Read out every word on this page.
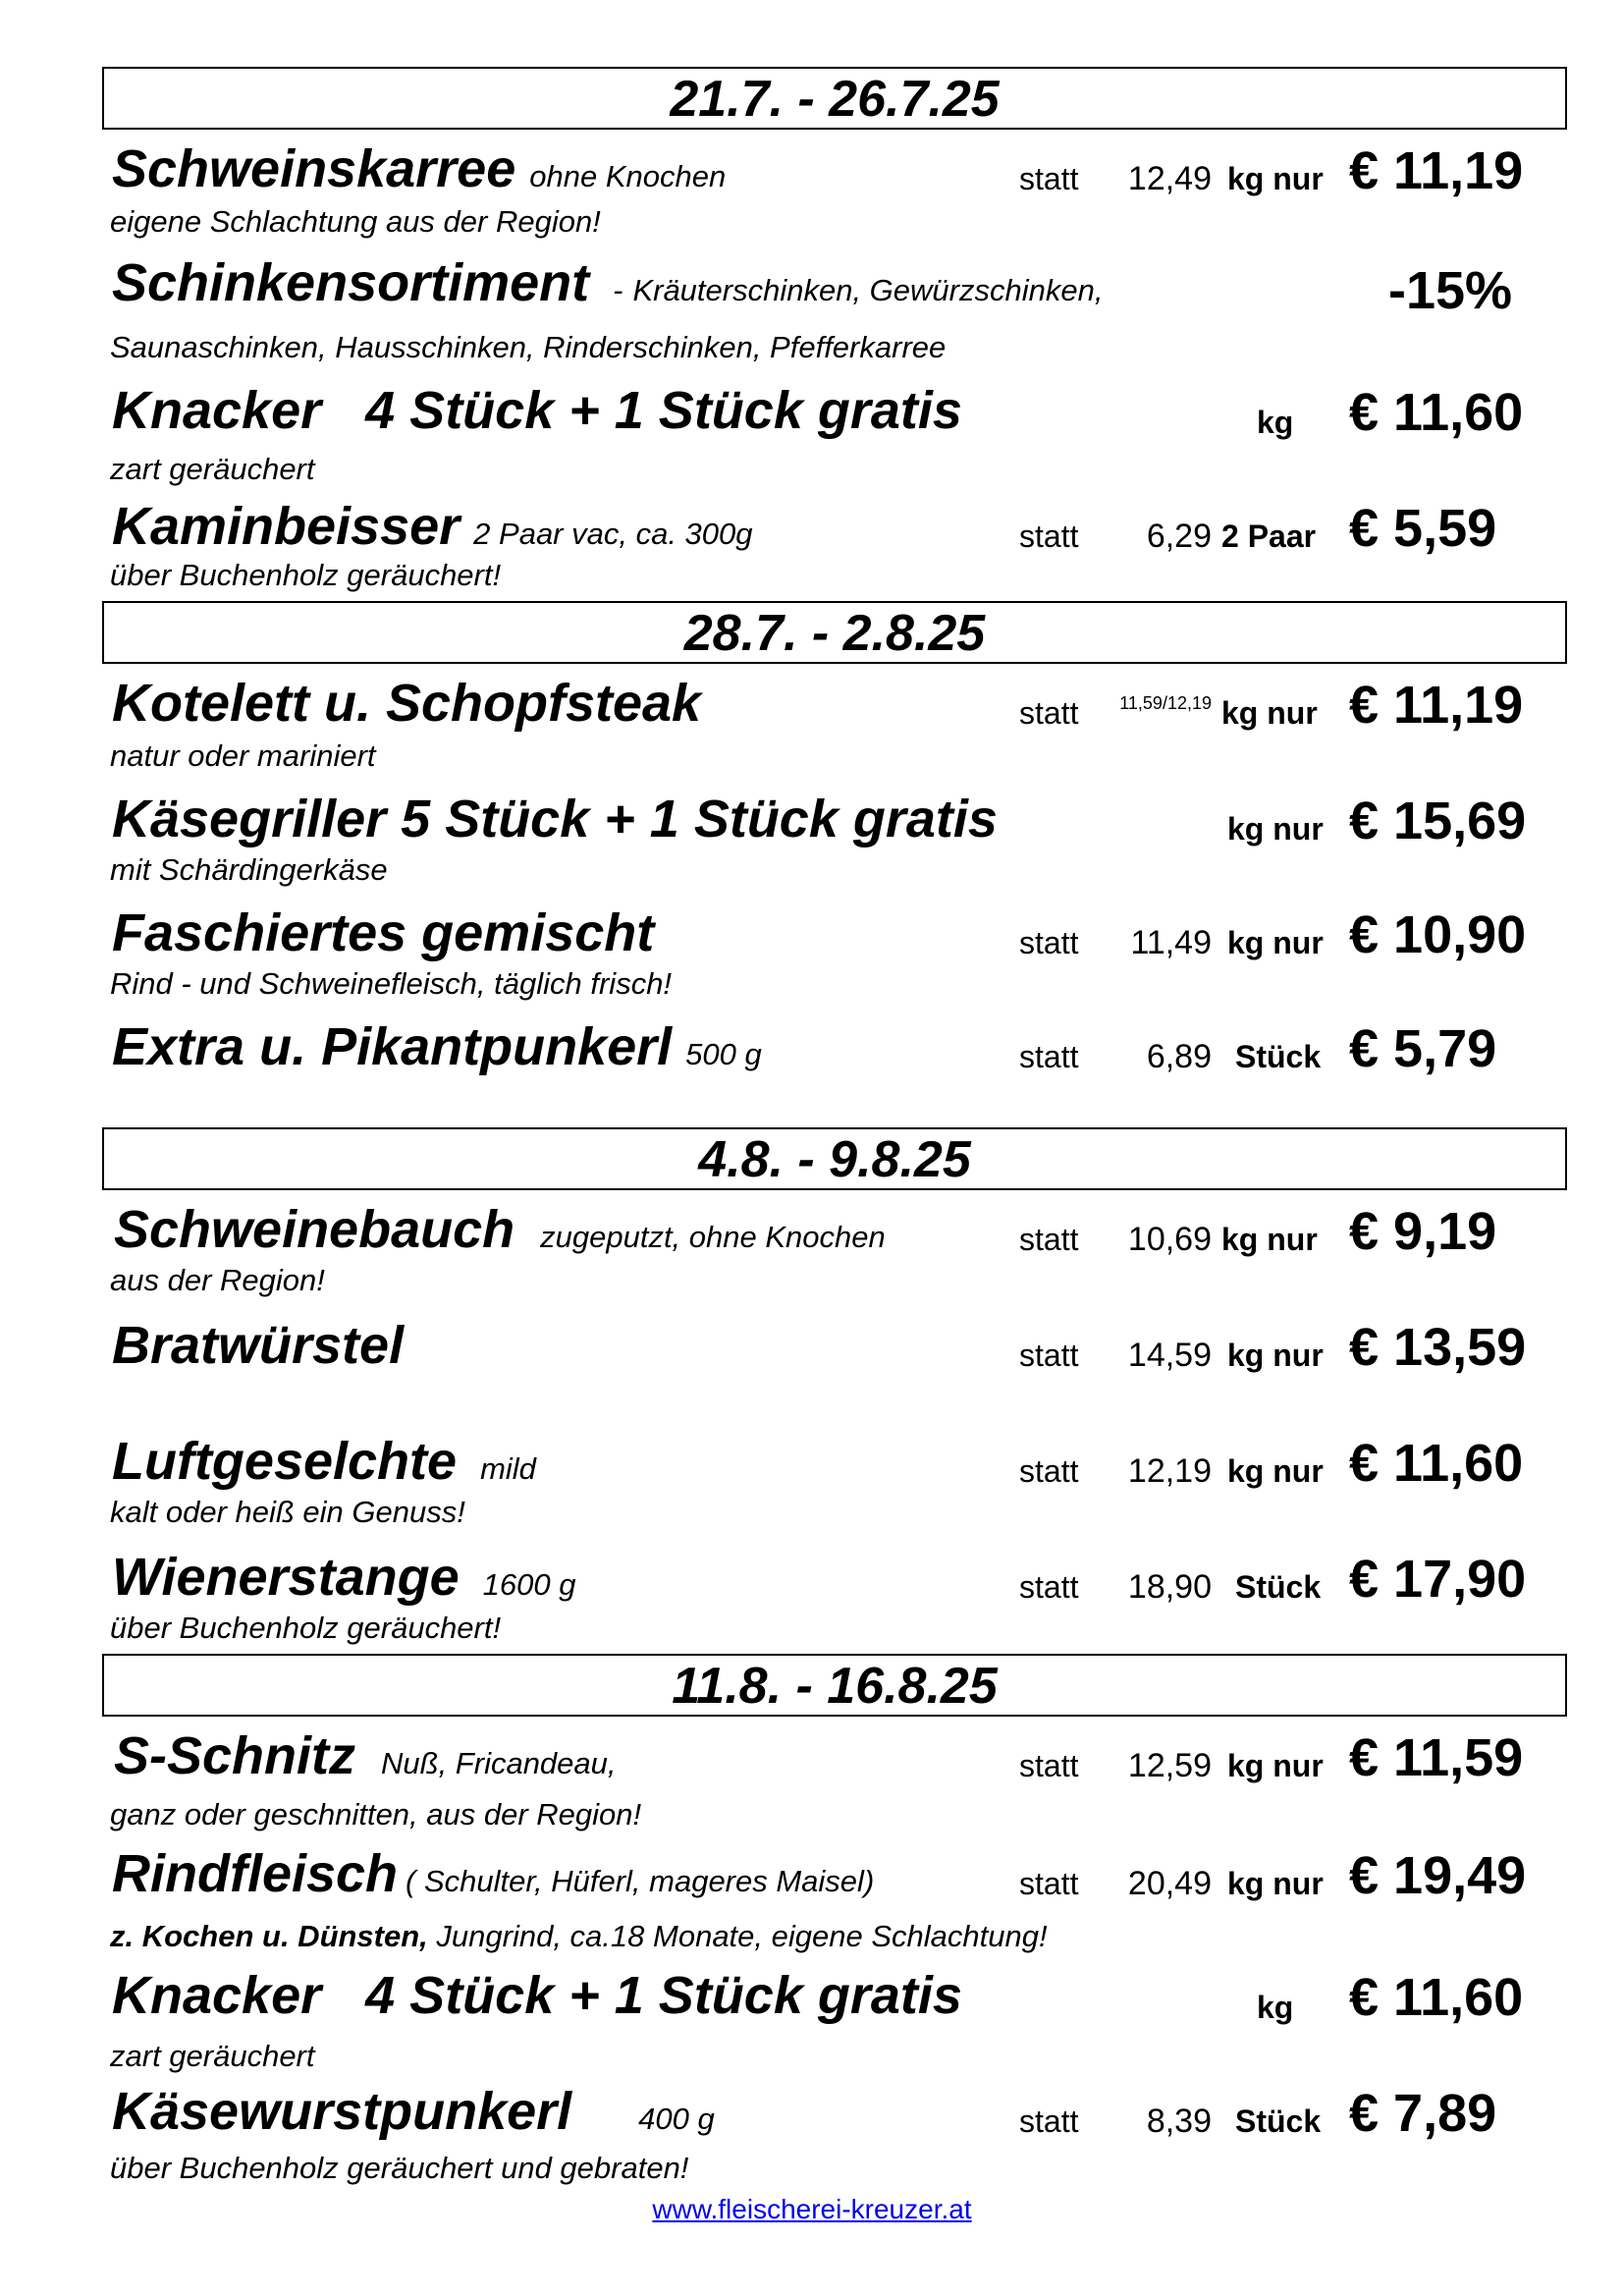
21.7. - 26.7.25
Schweinskarree ohne Knochen	statt 12,49 kg nur € 11,19
eigene Schlachtung aus der Region!
Schinkensortiment - Kräuterschinken, Gewürzschinken,	-15%
Saunaschinken, Hausschinken, Rinderschinken, Pfefferkarree
Knacker   4 Stück + 1 Stück gratis	kg € 11,60
zart geräuchert
Kaminbeisser 2 Paar vac, ca. 300g	statt 6,29 2 Paar € 5,59
über Buchenholz geräuchert!
28.7. - 2.8.25
Kotelett u. Schopfsteak	statt 11,59/12,19 kg nur € 11,19
natur oder mariniert
Käsegriller 5 Stück + 1 Stück gratis	kg nur € 15,69
mit Schärdingerkäse
Faschiertes gemischt	statt 11,49 kg nur € 10,90
Rind - und Schweinefleisch, täglich frisch!
Extra u. Pikantpunkerl 500 g	statt 6,89 Stück € 5,79
4.8. - 9.8.25
Schweinebauch zugeputzt, ohne Knochen	statt 10,69 kg nur € 9,19
aus der Region!
Bratwürstel	statt 14,59 kg nur € 13,59
Luftgeselchte mild	statt 12,19 kg nur € 11,60
kalt oder heiß ein Genuss!
Wienerstange 1600 g	statt 18,90 Stück € 17,90
über Buchenholz geräuchert!
11.8. - 16.8.25
S-Schnitz Nuß, Fricandeau,	statt 12,59 kg nur € 11,59
ganz oder geschnitten, aus der Region!
Rindfleisch ( Schulter, Hüferl, mageres Maisel)	statt 20,49 kg nur € 19,49
z. Kochen u. Dünsten, Jungrind, ca.18 Monate, eigene Schlachtung!
Knacker   4 Stück + 1 Stück gratis	kg € 11,60
zart geräuchert
Käsewurstpunkerl 400 g	statt 8,39 Stück € 7,89
über Buchenholz geräuchert und gebraten!
www.fleischerei-kreuzer.at
